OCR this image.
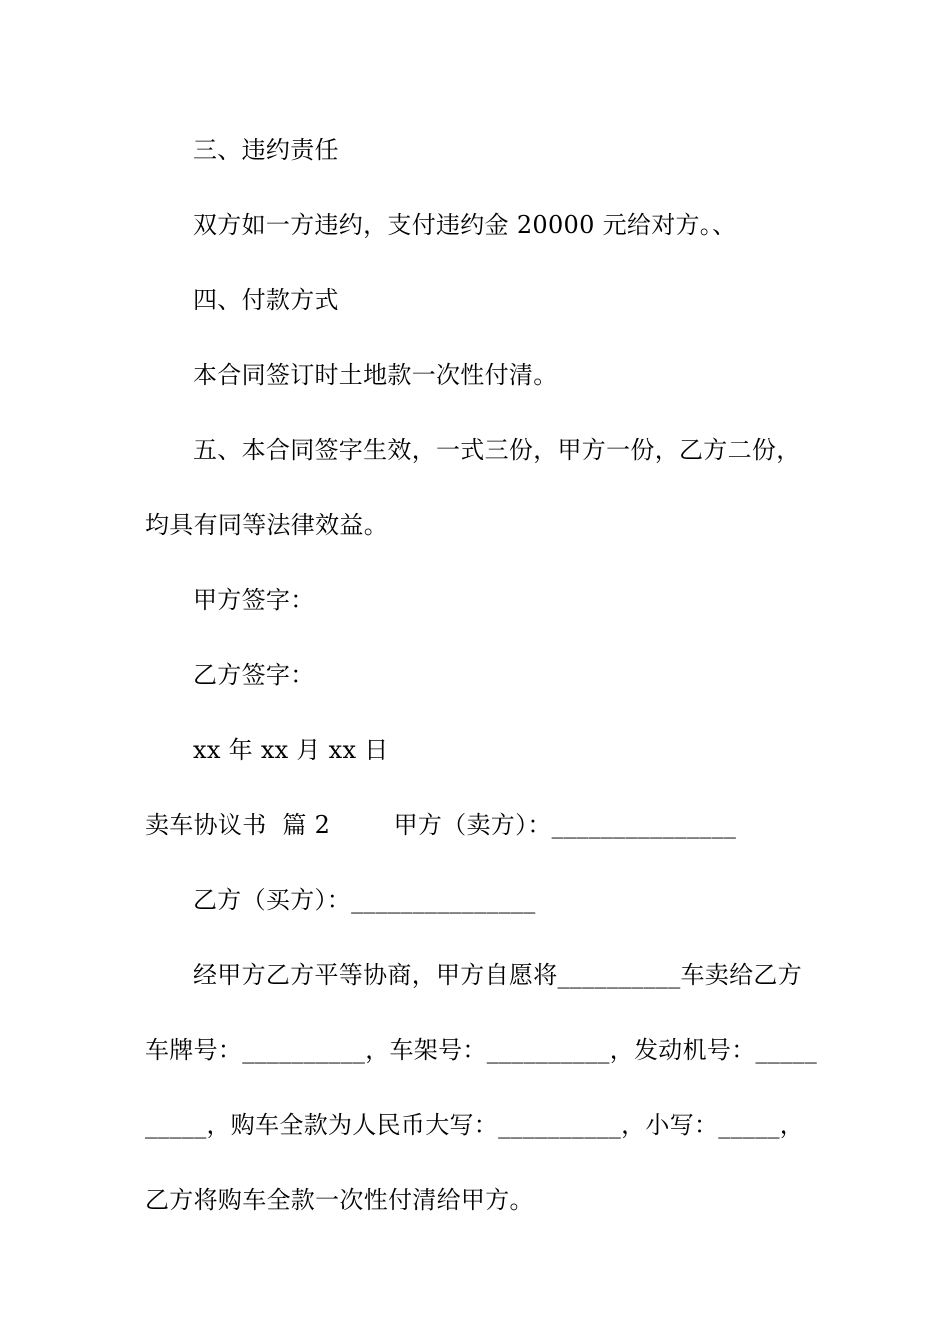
三、违约责任
双方如一方违约，支付违约金 20000 元给对方。、
四、付款方式
本合同签订时土地款一次性付清。
五、本合同签字生效，一式三份，甲方一份，乙方二份，
均具有同等法律效益。
甲方签字：
乙方签字：
xx 年 xx 月 xx 日
卖车协议书  篇 2        甲方（卖方）：_______________
乙方（买方）：_______________
经甲方乙方平等协商，甲方自愿将__________车卖给乙方
车牌号：__________，车架号：__________，发动机号：_____
_____，购车全款为人民币大写：__________，小写：_____，
乙方将购车全款一次性付清给甲方。
